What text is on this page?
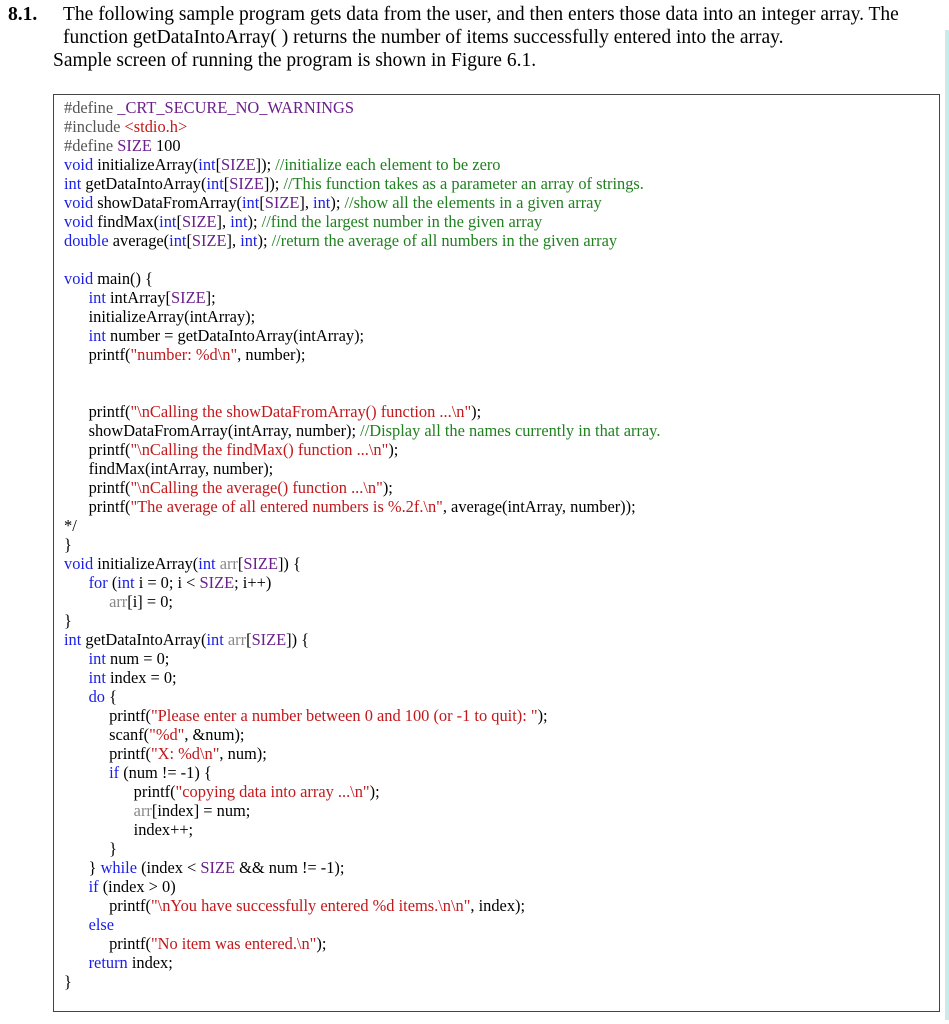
8.1. The following sample program gets data from the user, and then enters those data into an integer array. The
function getDataIntoArray( ) returns the number of items successfully entered into the array.
Sample screen of running the program is shown in Figure 6.1.
#define _CRT_SECURE_NO_WARNINGS
#include <stdio.h>
#define SIZE 100
void initializeArray(int[SIZE]); //initialize each element to be zero
int getDataIntoArray(int[SIZE]); //This function takes as a parameter an array of strings.
void showDataFromArray(int[SIZE], int); //show all the elements in a given array
void findMax(int[SIZE], int); //find the largest number in the given array
double average(int[SIZE], int); //return the average of all numbers in the given array
void main() {
int intArray[SIZE];
initializeArray(intArray);
int number = getDataIntoArray(intArray);
printf("number: %d\n", number);
printf("\nCalling the showDataFromArray() function ...\n");
showDataFromArray(intArray, number); //Display all the names currently in that array.
printf("\nCalling the findMax() function ...\n");
findMax(intArray, number);
printf("\nCalling the average() function ...\n");
printf("The average of all entered numbers is %.2f.\n", average(intArray, number));
*/
}
void initializeArray(int arr[SIZE]) {
for (int i = 0; i < SIZE; i++)
arr[i] = 0;
}
int getDataIntoArray(int arr[SIZE]) {
int num = 0;
int index = 0;
do {
printf("Please enter a number between 0 and 100 (or -1 to quit): ");
scanf("%d", &num);
printf("X: %d\n", num);
if (num != -1) {
printf("copying data into array ...\n");
arr[index] = num;
index++;
}
} while (index < SIZE && num != -1);
if (index > 0)
printf("\nYou have successfully entered %d items.\n\n", index);
else
printf("No item was entered.\n");
return index;
}
